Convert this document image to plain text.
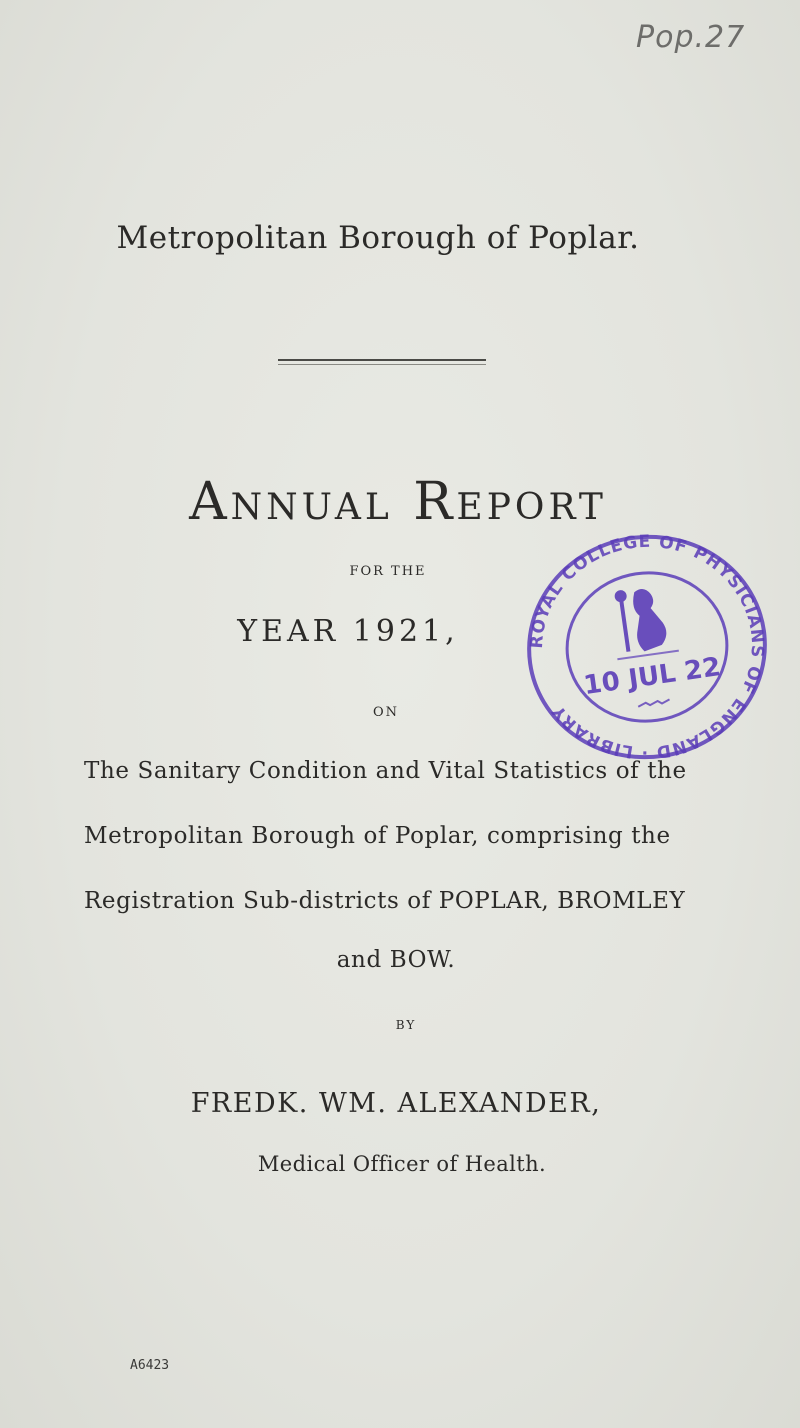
Pop.27
Metropolitan Borough of Poplar.
Annual Report
FOR THE
YEAR 1921,
ON
The Sanitary Condition and Vital Statistics of the
Metropolitan Borough of Poplar, comprising the
Registration Sub-districts of POPLAR, BROMLEY
and BOW.
BY
FREDK. WM. ALEXANDER,
Medical Officer of Health.
A6423
ROYAL COLLEGE OF PHYSICIANS OF ENGLAND · LIBRARY
10 JUL 22
